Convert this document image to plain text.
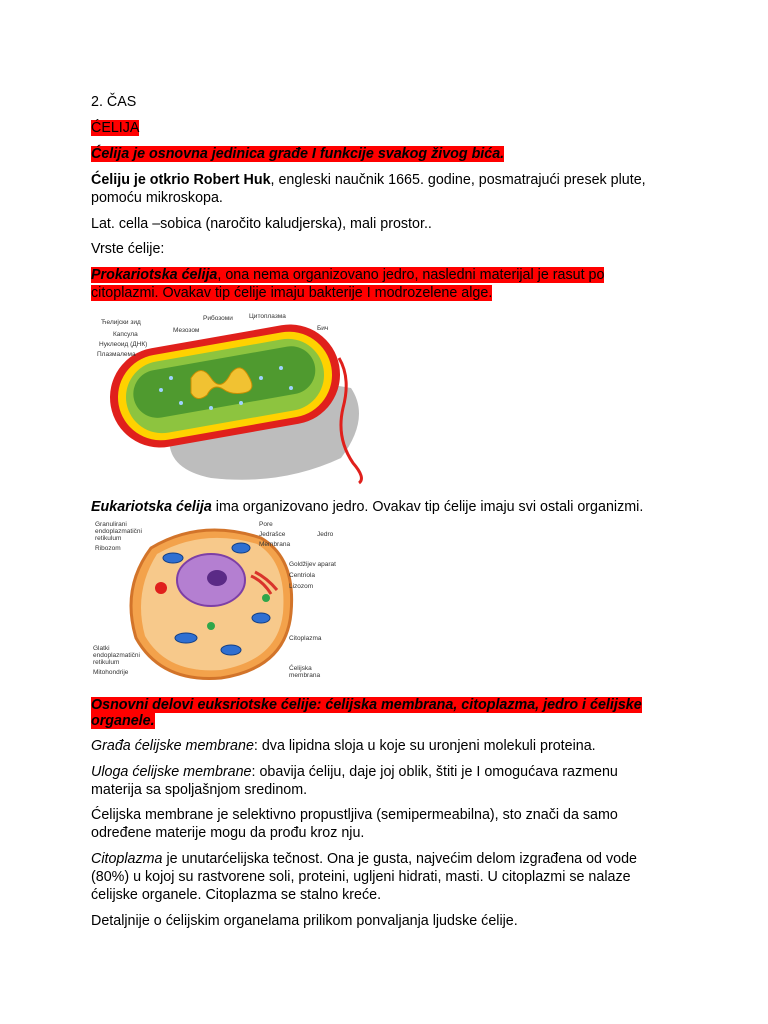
2. ČAS
ĆELIJA
Ćelija je osnovna jedinica građe I funkcije svakog živog bića.
Ćeliju je otkrio Robert Huk, engleski naučnik 1665. godine, posmatrajući presek plute,
pomoću mikroskopa.
Lat. cella –sobica (naročito kaludjerska), mali prostor..
Vrste ćelije:
Prokariotska ćelija, ona nema organizovano jedro, nasledni materijal je rasut po
citoplazmi. Ovakav tip ćelije imaju bakterije I modrozelene alge.
Ћелијски зид
Капсула
Нуклеоид (ДНК)
Плазмалема
Мезозом
Рибозоми Цитоплазма
Бич
Eukariotska ćelija ima organizovano jedro. Ovakav tip ćelije imaju svi ostali organizmi.
Granulirani
endoplazmatični
retikulum
Ribozom
Glatki
endoplazmatični
retikulum
Mitohondrije
Pore
Jedrašce
Membrana
Jedro
Goldžijev aparat
Centriola
Lizozom
Citoplazma
Ćelijska
membrana
Osnovni delovi euksriotske ćelije: ćelijska membrana, citoplazma, jedro i ćelijske
organele.
Građa ćelijske membrane: dva lipidna sloja u koje su uronjeni molekuli proteina.
Uloga ćelijske membrane: obavija ćeliju, daje joj oblik, štiti je I omogućava razmenu
materija sa spoljašnjom sredinom.
Ćelijska membrane je selektivno propustljiva (semipermeabilna), sto znači da samo
određene materije mogu da prođu kroz nju.
Citoplazma je unutarćelijska tečnost. Ona je gusta, najvećim delom izgrađena od vode
(80%) u kojoj su rastvorene soli, proteini, ugljeni hidrati, masti. U citoplazmi se nalaze
ćelijske organele. Citoplazma se stalno kreće.
Detaljnije o ćelijskim organelama prilikom ponvaljanja ljudske ćelije.
